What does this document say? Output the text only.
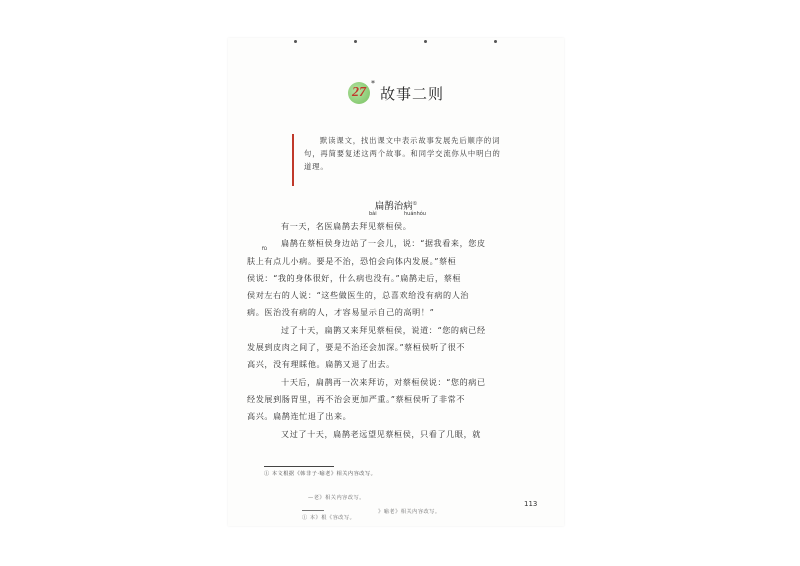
27
*
故事二则
默读课文，找出课文中表示故事发展先后顺序的词
句，再简要复述这两个故事。和同学交流你从中明白的
道理。
扁鹊治病①
bài	huánhóu
fū

有一天，名医扁鹊去拜见蔡桓侯。

扁鹊在蔡桓侯身边站了一会儿，说：“据我看来，您皮
肤上有点儿小病。要是不治，恐怕会向体内发展。”蔡桓
侯说：“我的身体很好，什么病也没有。”扁鹊走后，蔡桓
侯对左右的人说：“这些做医生的，总喜欢给没有病的人治
病。医治没有病的人，才容易显示自己的高明！”

过了十天，扁鹊又来拜见蔡桓侯，说道：“您的病已经
发展到皮肉之间了，要是不治还会加深。”蔡桓侯听了很不
高兴，没有理睬他。扁鹊又退了出去。

十天后，扁鹊再一次来拜访，对蔡桓侯说：“您的病已
经发展到肠胃里，再不治会更加严重。”蔡桓侯听了非常不
高兴。扁鹊连忙退了出来。

又过了十天，扁鹊老远望见蔡桓侯，只看了几眼，就

① 本文根据《韩非子·喻老》相关内容改写。
—老》相关内容改写。
113
》喻老》相关内容改写。
① 本》根《容改写。
